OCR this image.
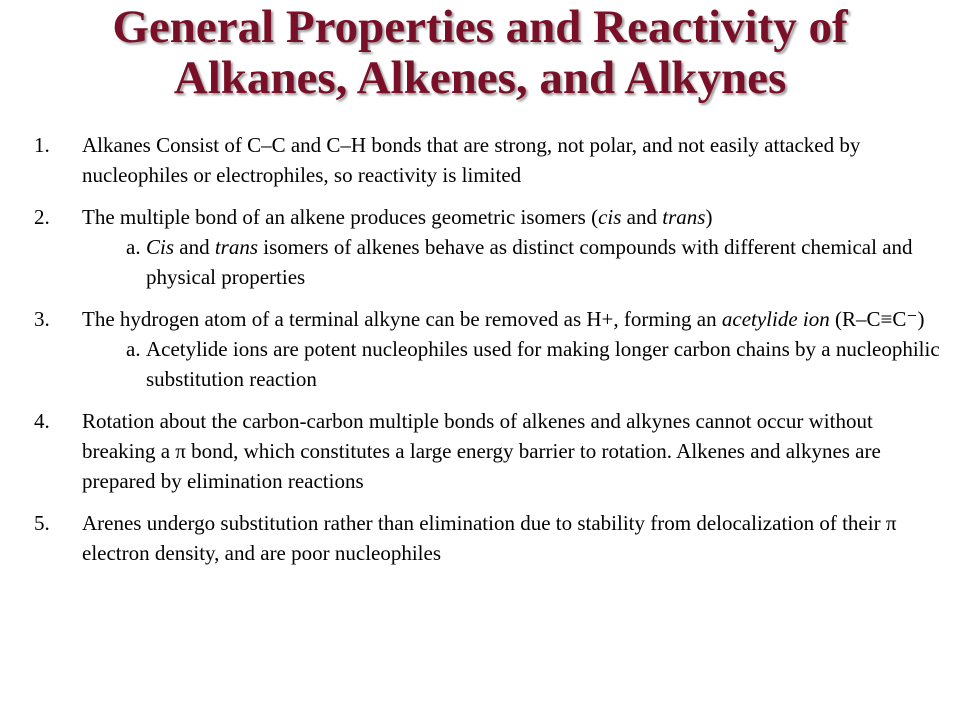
General Properties and Reactivity of
Alkanes, Alkenes, and Alkynes
1. Alkanes Consist of C–C and C–H bonds that are strong, not polar, and not easily attacked by nucleophiles or electrophiles, so reactivity is limited
2. The multiple bond of an alkene produces geometric isomers (cis and trans)
a. Cis and trans isomers of alkenes behave as distinct compounds with different chemical and physical properties
3. The hydrogen atom of a terminal alkyne can be removed as H+, forming an acetylide ion (R–C≡C⁻)
a. Acetylide ions are potent nucleophiles used for making longer carbon chains by a nucleophilic substitution reaction
4. Rotation about the carbon-carbon multiple bonds of alkenes and alkynes cannot occur without breaking a π bond, which constitutes a large energy barrier to rotation. Alkenes and alkynes are prepared by elimination reactions
5. Arenes undergo substitution rather than elimination due to stability from delocalization of their π electron density, and are poor nucleophiles
